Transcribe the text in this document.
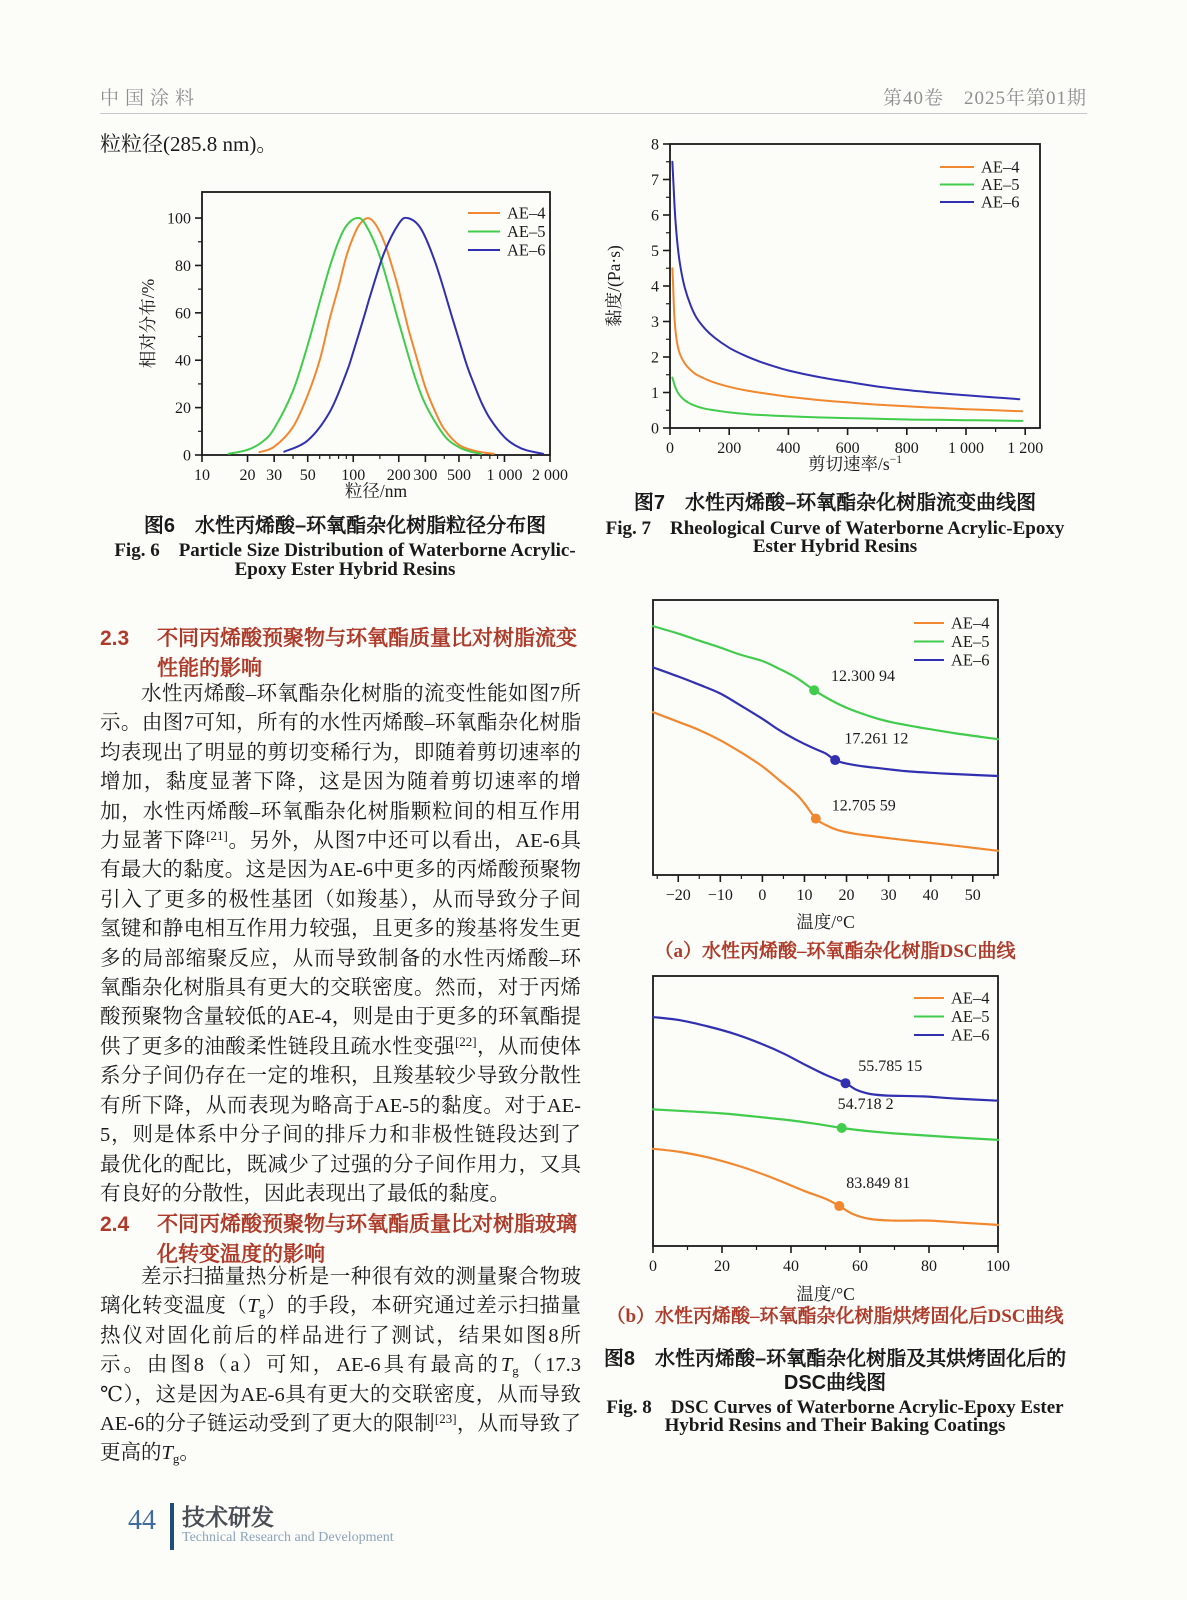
中国涂料	第40卷　2025年第01期
粒粒径(285.8 nm)。
10 20 30 50 100 200 300 500 1 000 2 000
0
20
40
60
80
100
粒径/nm
相对分布/%
AE–4
AE–5
AE–6
图6　水性丙烯酸–环氧酯杂化树脂粒径分布图
Fig. 6　Particle Size Distribution of Waterborne Acrylic-
Epoxy Ester Hybrid Resins
0	200 400 600 800 1 000 1 200
0
1
2
3
4
5
6
7
8
剪切速率$/s^{-1}$
黏度/(Pa·s)
AE–4
AE–5
AE–6
图7　水性丙烯酸–环氧酯杂化树脂流变曲线图
Fig. 7　Rheological Curve of Waterborne Acrylic-Epoxy
Ester Hybrid Resins
2.3 不同丙烯酸预聚物与环氧酯质量比对树脂流变性能的影响
水性丙烯酸–环氧酯杂化树脂的流变性能如图7所示。由图7可知，所有的水性丙烯酸–环氧酯杂化树脂均表现出了明显的剪切变稀行为，即随着剪切速率的增加，黏度显著下降，这是因为随着剪切速率的增加，水性丙烯酸–环氧酯杂化树脂颗粒间的相互作用力显著下降[21]。另外，从图7中还可以看出，AE-6具有最大的黏度。这是因为AE-6中更多的丙烯酸预聚物引入了更多的极性基团（如羧基），从而导致分子间氢键和静电相互作用力较强，且更多的羧基将发生更多的局部缩聚反应，从而导致制备的水性丙烯酸–环氧酯杂化树脂具有更大的交联密度。然而，对于丙烯酸预聚物含量较低的AE-4，则是由于更多的环氧酯提供了更多的油酸柔性链段且疏水性变强[22]，从而使体系分子间仍存在一定的堆积，且羧基较少导致分散性有所下降，从而表现为略高于AE-5的黏度。对于AE-5，则是体系中分子间的排斥力和非极性链段达到了最优化的配比，既减少了过强的分子间作用力，又具有良好的分散性，因此表现出了最低的黏度。
2.4 不同丙烯酸预聚物与环氧酯质量比对树脂玻璃化转变温度的影响
差示扫描量热分析是一种很有效的测量聚合物玻璃化转变温度$(T_g)$的手段，本研究通过差示扫描量热仪对固化前后的样品进行了测试，结果如图8所示。由图8（a）可知，AE-6具有最高的$T_g(17.3$ ℃），这是因为AE-6具有更大的交联密度，从而导致AE-6的分子链运动受到了更大的限制[23]，从而导致了更高的$T_g$。
−20 −10 0 10 20 30 40 50
12.705 59
12.300 94
17.261 12
温度/°C
AE–4
AE–5
AE–6
（a）水性丙烯酸–环氧酯杂化树脂DSC曲线
0	20	40	60	80	100
83.849 81
54.718 2
55.785 15
温度/°C
AE–4
AE–5
AE–6
（b）水性丙烯酸–环氧酯杂化树脂烘烤固化后DSC曲线
图8　水性丙烯酸–环氧酯杂化树脂及其烘烤固化后的
DSC曲线图
Fig. 8　DSC Curves of Waterborne Acrylic-Epoxy Ester
Hybrid Resins and Their Baking Coatings
44 技术研发
Technical Research and Development
